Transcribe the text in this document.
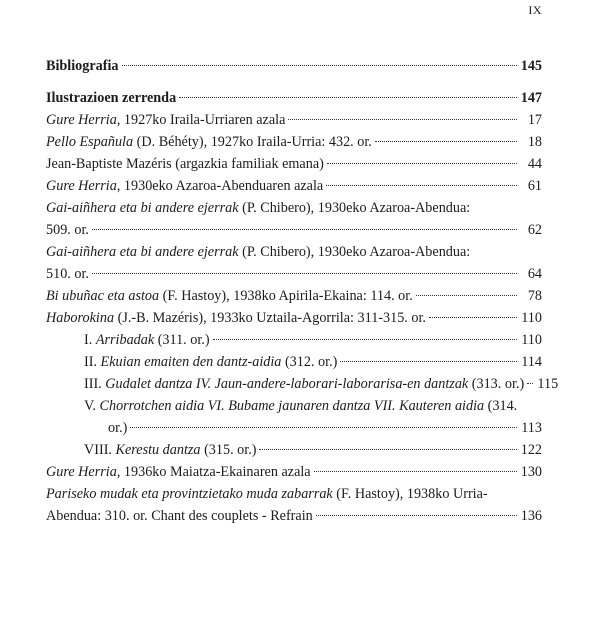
IX
Bibliografia	145
Ilustrazioen zerrenda	147
Gure Herria, 1927ko Iraila-Urriaren azala	17
Pello Españula (D. Béhéty), 1927ko Iraila-Urria: 432. or.	18
Jean-Baptiste Mazéris (argazkia familiak emana)	44
Gure Herria, 1930eko Azaroa-Abenduaren azala	61
Gai-aiñhera eta bi andere ejerrak (P. Chibero), 1930eko Azaroa-Abendua:
509. or.	62
Gai-aiñhera eta bi andere ejerrak (P. Chibero), 1930eko Azaroa-Abendua:
510. or.	64
Bi ubuñac eta astoa (F. Hastoy), 1938ko Apirila-Ekaina: 114. or.	78
Haborokina (J.-B. Mazéris), 1933ko Uztaila-Agorrila: 311-315. or.	110
I. Arribadak (311. or.)	110
II. Ekuian emaiten den dantz-aidia (312. or.)	114
III. Gudalet dantza IV. Jaun-andere-laborari-laborarisa-en dantzak (313. or.) 115
V. Chorrotchen aidia VI. Bubame jaunaren dantza VII. Kauteren aidia (314.
or.)	113
VIII. Kerestu dantza (315. or.)	122
Gure Herria, 1936ko Maiatza-Ekainaren azala	130
Pariseko mudak eta provintzietako muda zabarrak (F. Hastoy), 1938ko Urria-
Abendua: 310. or. Chant des couplets - Refrain	136
